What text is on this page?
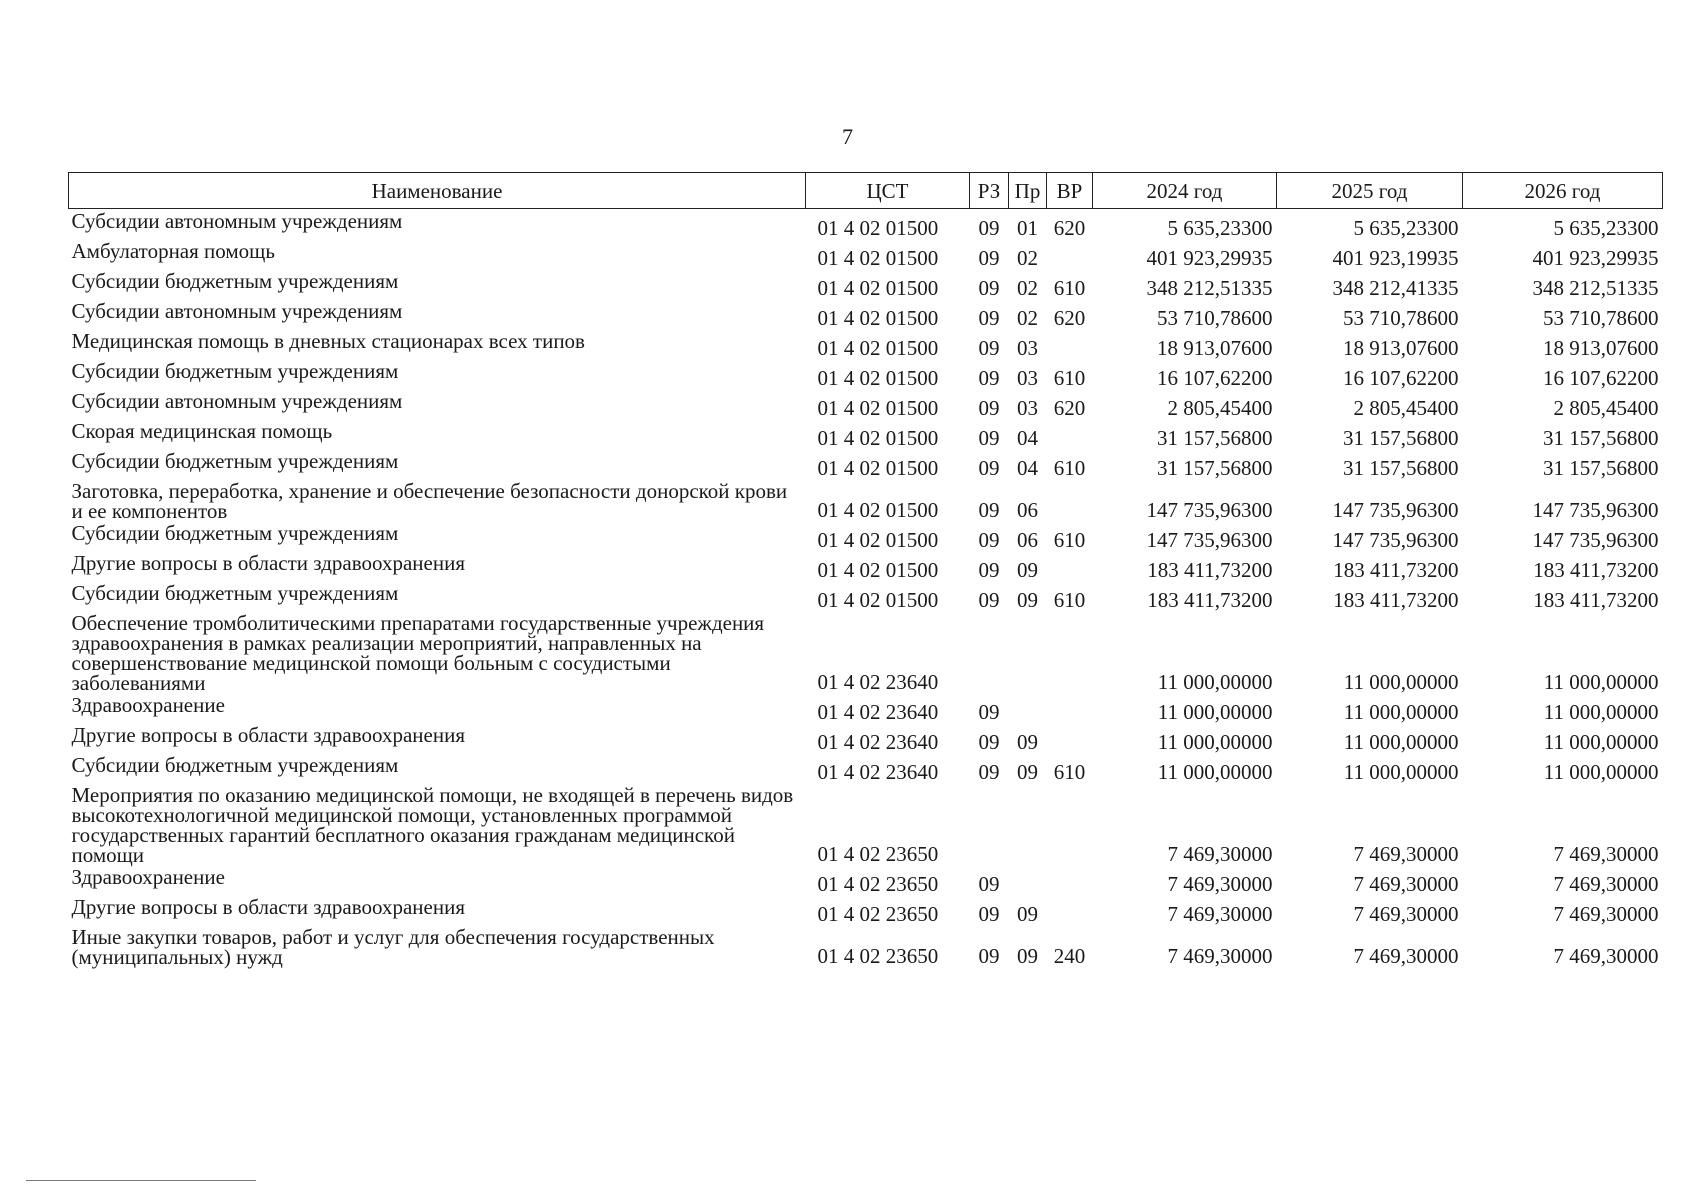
7
Наименование	ЦСТ	РЗ	Пр	ВР	2024 год	2025 год	2026 год
Субсидии автономным учреждениям	01 4 02 01500	09	01	620	5 635,23300	5 635,23300	5 635,23300
Амбулаторная помощь	01 4 02 01500	09	02		401 923,29935	401 923,19935	401 923,29935
Субсидии бюджетным учреждениям	01 4 02 01500	09	02	610	348 212,51335	348 212,41335	348 212,51335
Субсидии автономным учреждениям	01 4 02 01500	09	02	620	53 710,78600	53 710,78600	53 710,78600
Медицинская помощь в дневных стационарах всех типов	01 4 02 01500	09	03		18 913,07600	18 913,07600	18 913,07600
Субсидии бюджетным учреждениям	01 4 02 01500	09	03	610	16 107,62200	16 107,62200	16 107,62200
Субсидии автономным учреждениям	01 4 02 01500	09	03	620	2 805,45400	2 805,45400	2 805,45400
Скорая медицинская помощь	01 4 02 01500	09	04		31 157,56800	31 157,56800	31 157,56800
Субсидии бюджетным учреждениям	01 4 02 01500	09	04	610	31 157,56800	31 157,56800	31 157,56800
Заготовка, переработка, хранение и обеспечение безопасности донорской крови и ее компонентов	01 4 02 01500	09	06		147 735,96300	147 735,96300	147 735,96300
Субсидии бюджетным учреждениям	01 4 02 01500	09	06	610	147 735,96300	147 735,96300	147 735,96300
Другие вопросы в области здравоохранения	01 4 02 01500	09	09		183 411,73200	183 411,73200	183 411,73200
Субсидии бюджетным учреждениям	01 4 02 01500	09	09	610	183 411,73200	183 411,73200	183 411,73200
Обеспечение тромболитическими препаратами государственные учреждения здравоохранения в рамках реализации мероприятий, направленных на совершенствование медицинской помощи больным с сосудистыми заболеваниями	01 4 02 23640				11 000,00000	11 000,00000	11 000,00000
Здравоохранение	01 4 02 23640	09			11 000,00000	11 000,00000	11 000,00000
Другие вопросы в области здравоохранения	01 4 02 23640	09	09		11 000,00000	11 000,00000	11 000,00000
Субсидии бюджетным учреждениям	01 4 02 23640	09	09	610	11 000,00000	11 000,00000	11 000,00000
Мероприятия по оказанию медицинской помощи, не входящей в перечень видов высокотехнологичной медицинской помощи, установленных программой государственных гарантий бесплатного оказания гражданам медицинской помощи	01 4 02 23650				7 469,30000	7 469,30000	7 469,30000
Здравоохранение	01 4 02 23650	09			7 469,30000	7 469,30000	7 469,30000
Другие вопросы в области здравоохранения	01 4 02 23650	09	09		7 469,30000	7 469,30000	7 469,30000
Иные закупки товаров, работ и услуг для обеспечения государственных (муниципальных) нужд	01 4 02 23650	09	09	240	7 469,30000	7 469,30000	7 469,30000
